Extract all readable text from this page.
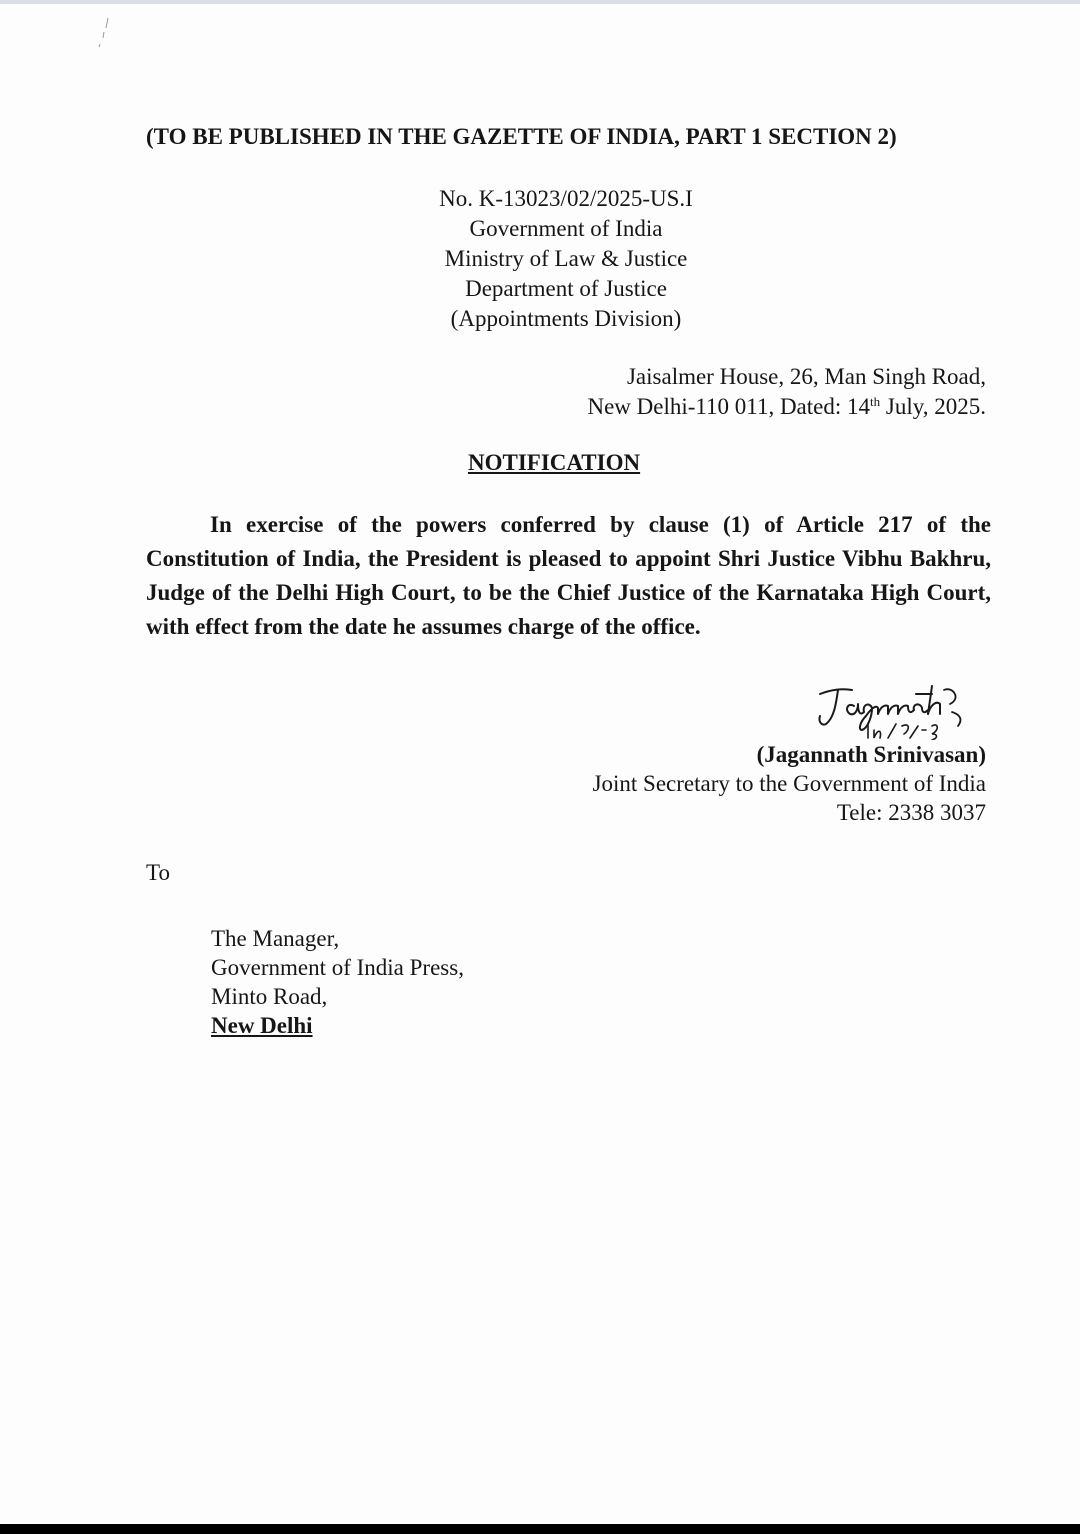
(TO BE PUBLISHED IN THE GAZETTE OF INDIA, PART 1 SECTION 2)
No. K-13023/02/2025-US.I
Government of India
Ministry of Law & Justice
Department of Justice
(Appointments Division)
Jaisalmer House, 26, Man Singh Road,
New Delhi-110 011, Dated: 14th July, 2025.
NOTIFICATION
In exercise of the powers conferred by clause (1) of Article 217 of the Constitution of India, the President is pleased to appoint Shri Justice Vibhu Bakhru, Judge of the Delhi High Court, to be the Chief Justice of the Karnataka High Court, with effect from the date he assumes charge of the office.
(Jagannath Srinivasan)
Joint Secretary to the Government of India
Tele: 2338 3037
To
The Manager,
Government of India Press,
Minto Road,
New Delhi
